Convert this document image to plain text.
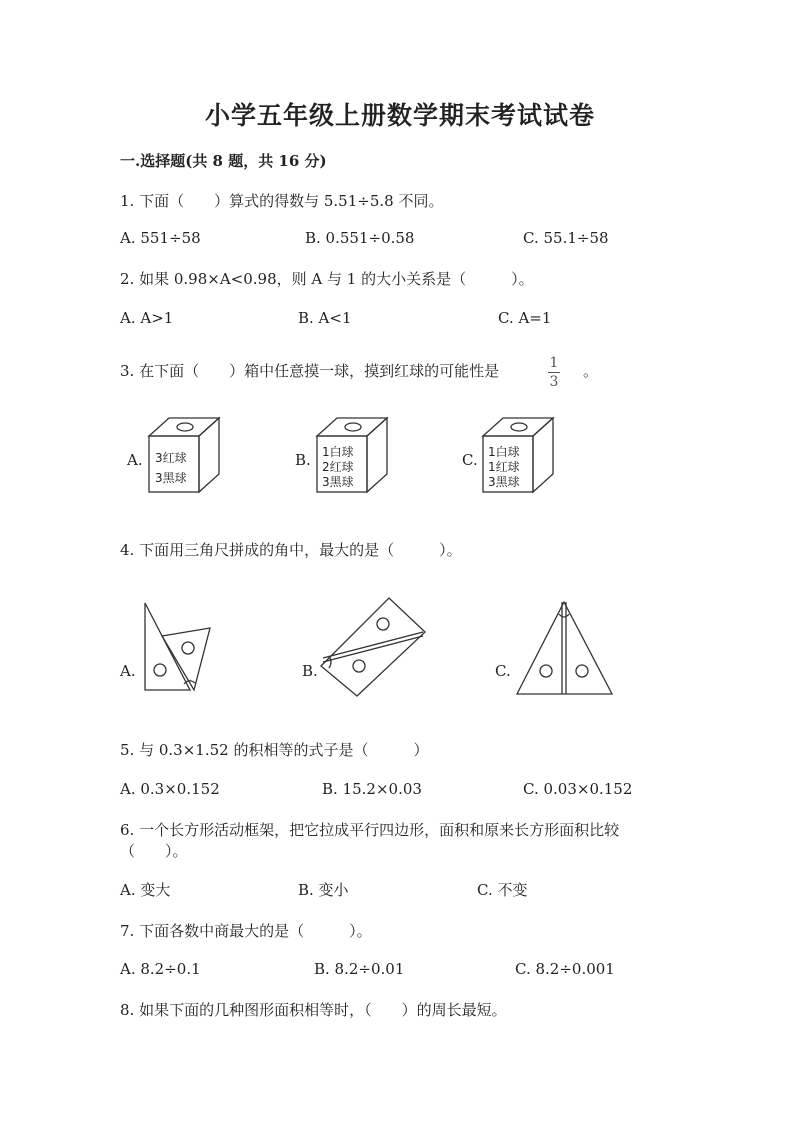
小学五年级上册数学期末考试试卷
一.选择题(共 8 题，共 16 分)
1. 下面（　　）算式的得数与 5.51÷5.8 不同。
A. 551÷58	B. 0.551÷0.58	C. 55.1÷58
2. 如果 0.98×A<0.98，则 A 与 1 的大小关系是（　　　）。
A. A>1	B. A<1	C. A=1
3. 在下面（　　）箱中任意摸一球，摸到红球的可能性是	$\frac{1}{3}$ 。
A.	B.	C.
3红球
3黑球
1白球
2红球
3黑球
1白球
1红球
3黑球
4. 下面用三角尺拼成的角中，最大的是（　　　）。
A.	B.	C.
5. 与 0.3×1.52 的积相等的式子是（　　　）
A. 0.3×0.152	B. 15.2×0.03	C. 0.03×0.152
6. 一个长方形活动框架，把它拉成平行四边形，面积和原来长方形面积比较
（　　）。
A. 变大	B. 变小	C. 不变
7. 下面各数中商最大的是（　　　）。
A. 8.2÷0.1	B. 8.2÷0.01	C. 8.2÷0.001
8. 如果下面的几种图形面积相等时，（　　）的周长最短。
